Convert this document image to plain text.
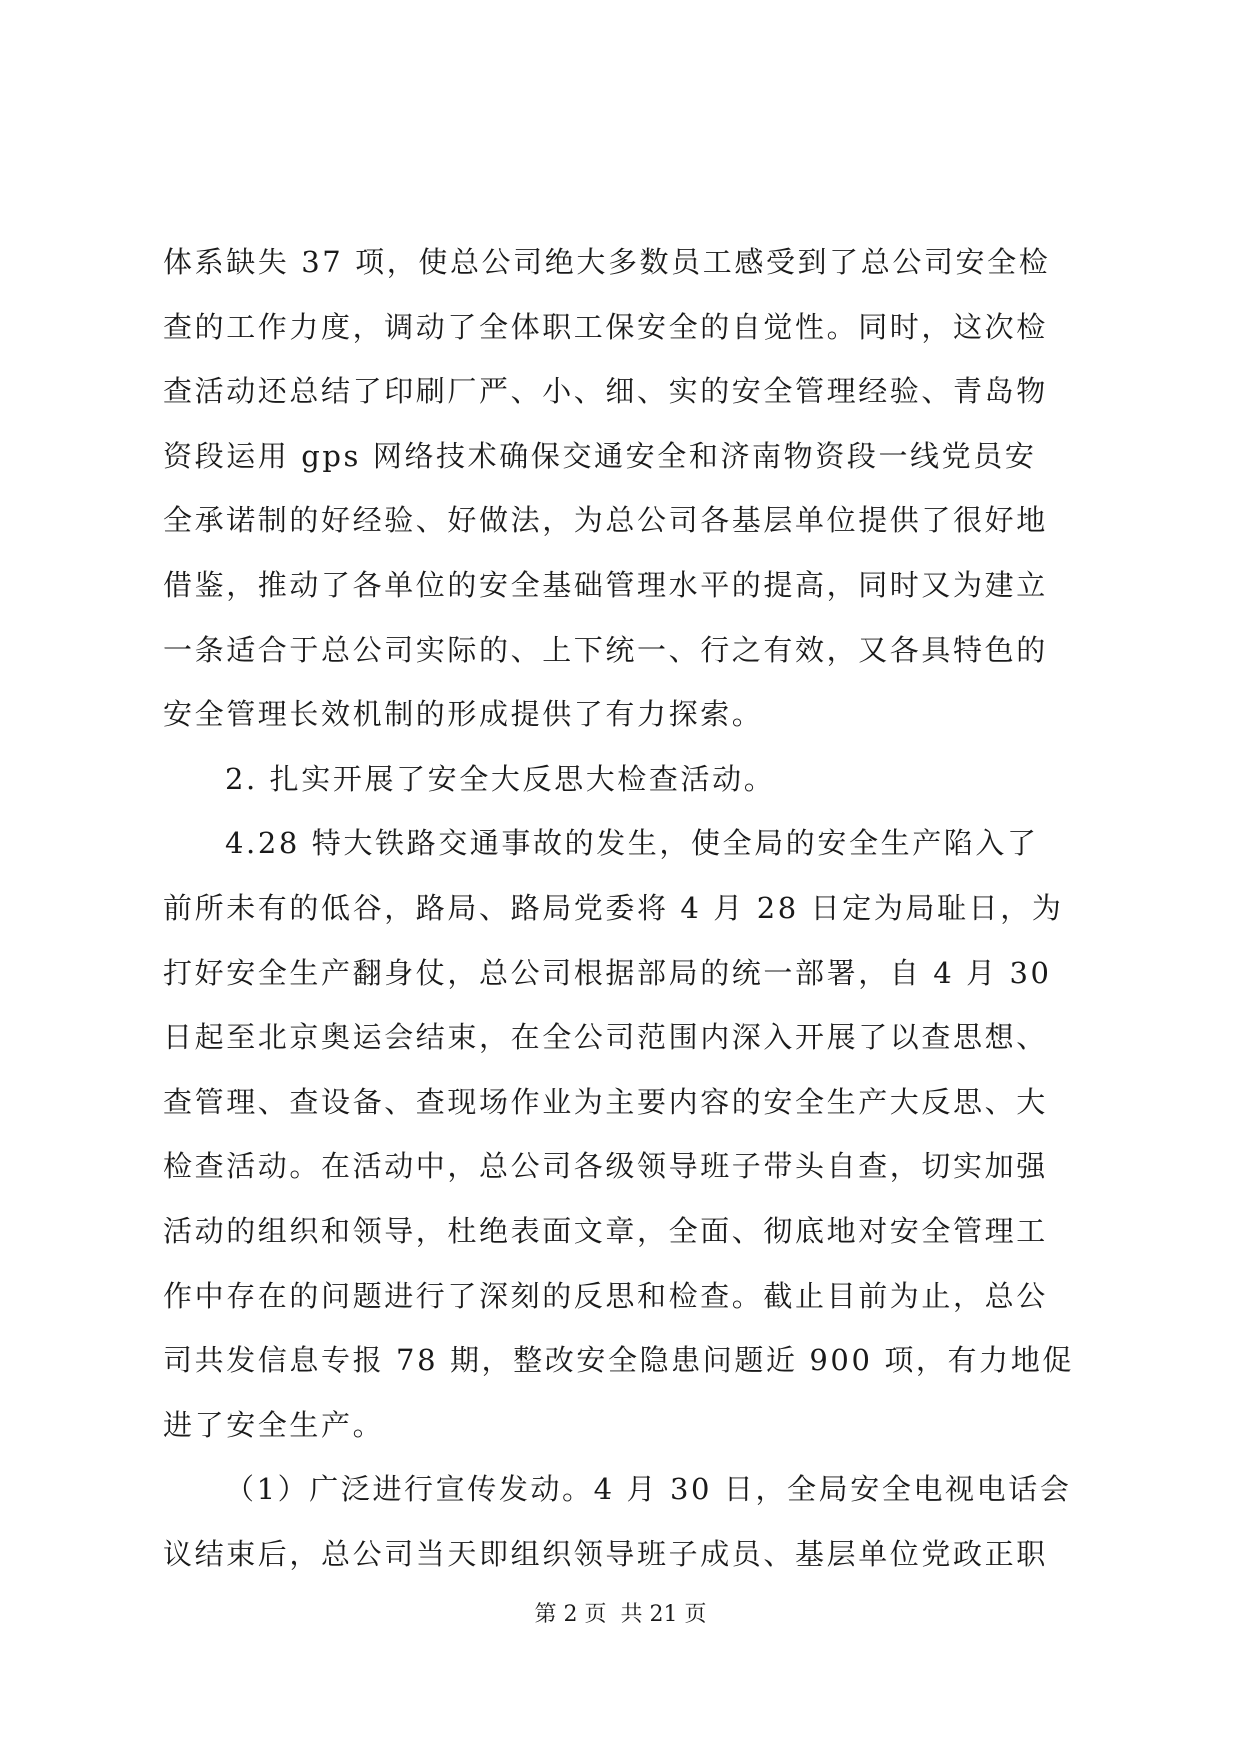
体系缺失 37 项，使总公司绝大多数员工感受到了总公司安全检
查的工作力度，调动了全体职工保安全的自觉性。同时，这次检
查活动还总结了印刷厂严、小、细、实的安全管理经验、青岛物
资段运用 gps 网络技术确保交通安全和济南物资段一线党员安
全承诺制的好经验、好做法，为总公司各基层单位提供了很好地
借鉴，推动了各单位的安全基础管理水平的提高，同时又为建立
一条适合于总公司实际的、上下统一、行之有效，又各具特色的
安全管理长效机制的形成提供了有力探索。
2. 扎实开展了安全大反思大检查活动。
4.28 特大铁路交通事故的发生，使全局的安全生产陷入了
前所未有的低谷，路局、路局党委将 4 月 28 日定为局耻日，为
打好安全生产翻身仗，总公司根据部局的统一部署，自 4 月 30
日起至北京奥运会结束，在全公司范围内深入开展了以查思想、
查管理、查设备、查现场作业为主要内容的安全生产大反思、大
检查活动。在活动中，总公司各级领导班子带头自查，切实加强
活动的组织和领导，杜绝表面文章，全面、彻底地对安全管理工
作中存在的问题进行了深刻的反思和检查。截止目前为止，总公
司共发信息专报 78 期，整改安全隐患问题近 900 项，有力地促
进了安全生产。
（1）广泛进行宣传发动。4 月 30 日，全局安全电视电话会
议结束后，总公司当天即组织领导班子成员、基层单位党政正职
第 2 页 共 21 页
